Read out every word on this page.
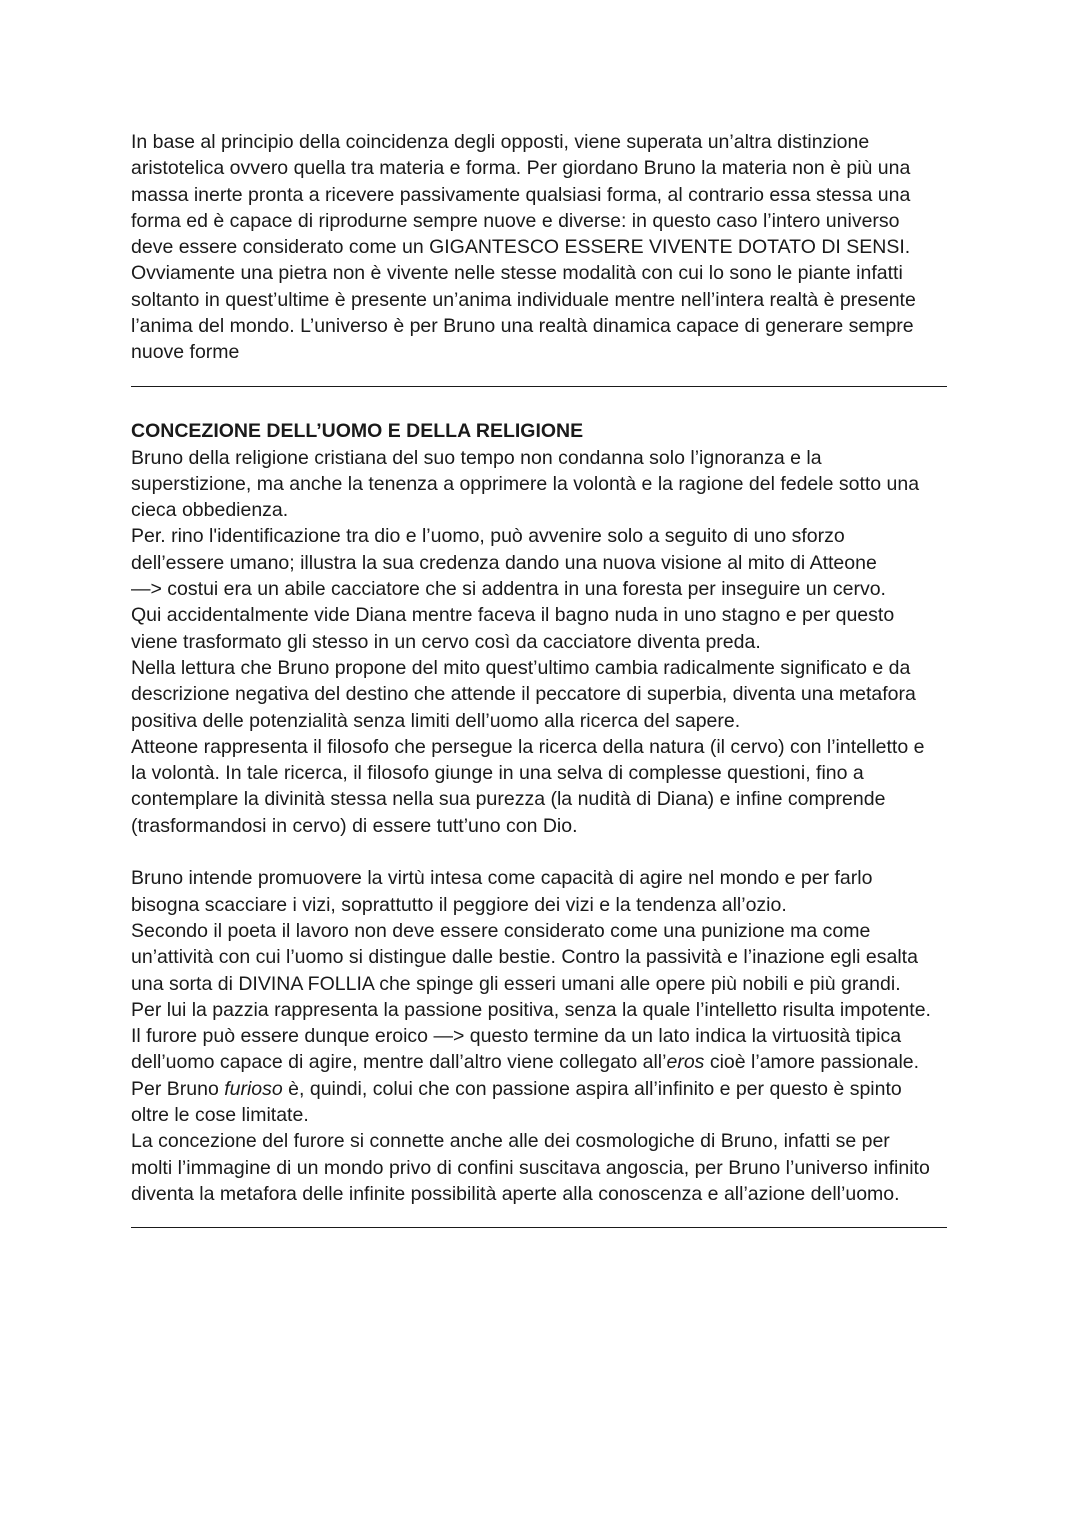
In base al principio della coincidenza degli opposti, viene superata un’altra distinzione
aristotelica ovvero quella tra materia e forma. Per giordano Bruno la materia non è più una
massa inerte pronta a ricevere passivamente qualsiasi forma, al contrario essa stessa una
forma ed è capace di riprodurne sempre nuove e diverse: in questo caso l’intero universo
deve essere considerato come un GIGANTESCO ESSERE VIVENTE DOTATO DI SENSI.
Ovviamente una pietra non è vivente nelle stesse modalità con cui lo sono le piante infatti
soltanto in quest’ultime è presente un’anima individuale mentre nell’intera realtà è presente
l’anima del mondo. L’universo è per Bruno una realtà dinamica capace di generare sempre
nuove forme
CONCEZIONE DELL’UOMO E DELLA RELIGIONE
Bruno della religione cristiana del suo tempo non condanna solo l’ignoranza e la
superstizione, ma anche la tenenza a opprimere la volontà e la ragione del fedele sotto una
cieca obbedienza.
Per. rino l'identificazione tra dio e l’uomo, può avvenire solo a seguito di uno sforzo
dell’essere umano; illustra la sua credenza dando una nuova visione al mito di Atteone
—> costui era un abile cacciatore che si addentra in una foresta per inseguire un cervo.
Qui accidentalmente vide Diana mentre faceva il bagno nuda in uno stagno e per questo
viene trasformato gli stesso in un cervo così da cacciatore diventa preda.
Nella lettura che Bruno propone del mito quest’ultimo cambia radicalmente significato e da
descrizione negativa del destino che attende il peccatore di superbia, diventa una metafora
positiva delle potenzialità senza limiti dell’uomo alla ricerca del sapere.
Atteone rappresenta il filosofo che persegue la ricerca della natura (il cervo) con l’intelletto e
la volontà. In tale ricerca, il filosofo giunge in una selva di complesse questioni, fino a
contemplare la divinità stessa nella sua purezza (la nudità di Diana) e infine comprende
(trasformandosi in cervo) di essere tutt’uno con Dio.
Bruno intende promuovere la virtù intesa come capacità di agire nel mondo e per farlo
bisogna scacciare i vizi, soprattutto il peggiore dei vizi e la tendenza all’ozio.
Secondo il poeta il lavoro non deve essere considerato come una punizione ma come
un’attività con cui l’uomo si distingue dalle bestie. Contro la passività e l’inazione egli esalta
una sorta di DIVINA FOLLIA che spinge gli esseri umani alle opere più nobili e più grandi.
Per lui la pazzia rappresenta la passione positiva, senza la quale l’intelletto risulta impotente.
Il furore può essere dunque eroico —> questo termine da un lato indica la virtuosità tipica
dell’uomo capace di agire, mentre dall’altro viene collegato all’eros cioè l’amore passionale.
Per Bruno furioso è, quindi, colui che con passione aspira all’infinito e per questo è spinto
oltre le cose limitate.
La concezione del furore si connette anche alle dei cosmologiche di Bruno, infatti se per
molti l’immagine di un mondo privo di confini suscitava angoscia, per Bruno l’universo infinito
diventa la metafora delle infinite possibilità aperte alla conoscenza e all’azione dell’uomo.
